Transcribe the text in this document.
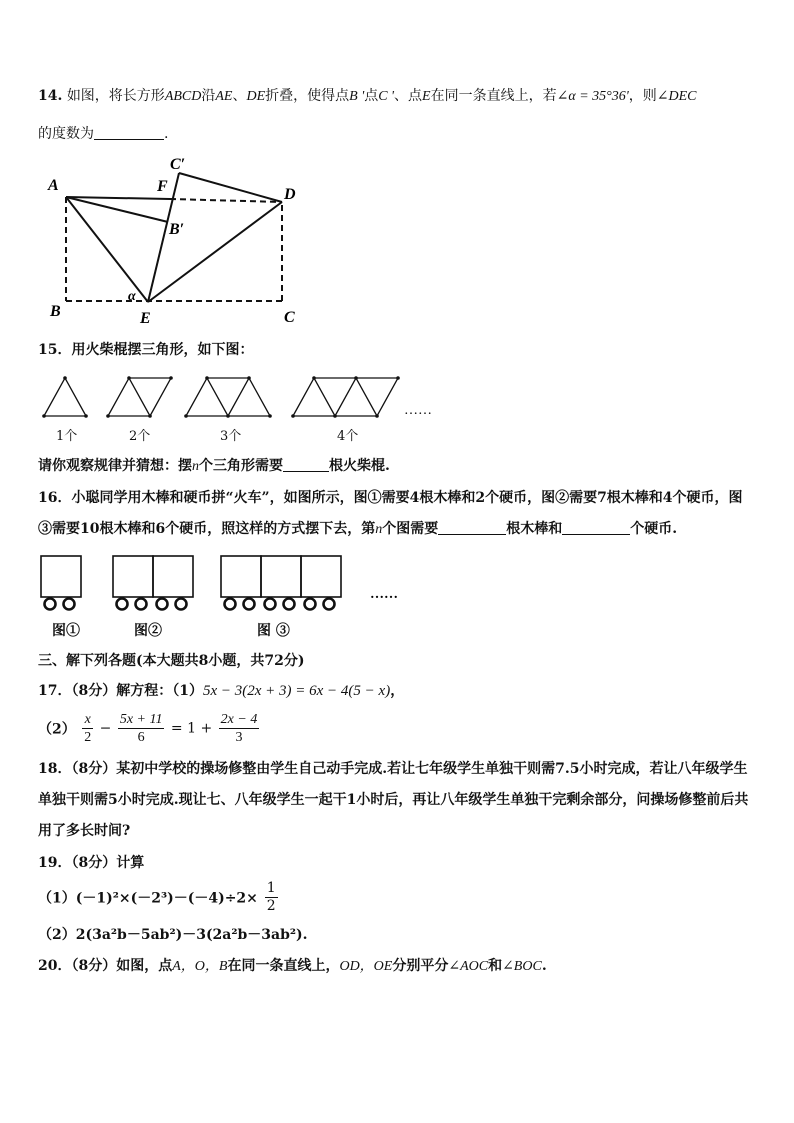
14. 如图，将长方形ABCD沿AE、DE折叠，使得点B '点C '、点E在同一条直线上，若∠α = 35°36'，则∠DEC
的度数为	.
A
B	C
D
E
F
B′
C′
α
15．用火柴棍摆三角形，如下图：
……
1个	2个	3个	4个
请你观察规律并猜想：摆n个三角形需要	根火柴棍.
16．小聪同学用木棒和硬币拼“火车”，如图所示，图①需要4根木棒和2个硬币，图②需要7根木棒和4个硬币，图
③需要10根木棒和6个硬币，照这样的方式摆下去，第n个图需要	根木棒和	个硬币.
……
图①	图②	图 ③
三、解下列各题(本大题共8小题，共72分)
17．（8分）解方程：（1）5x − 3(2x + 3) = 6x − 4(5 − x)，
$(2) \frac{x}{2} - \frac{5x + 11}{6} = 1 + \frac{2x - 4}{3}$
18．（8分）某初中学校的操场修整由学生自己动手完成.若让七年级学生单独干则需7.5小时完成，若让八年级学生
单独干则需5小时完成.现让七、八年级学生一起干1小时后，再让八年级学生单独干完剩余部分，问操场修整前后共
用了多长时间?
19．（8分）计算
$(1)(-1)^2\times(-2^3)-(-4)\div 2\times \frac{1}{2}$
（2）2(3a²b－5ab²)－3(2a²b－3ab²).
20．（8分）如图，点A，O，B在同一条直线上，OD，OE分别平分∠AOC和∠BOC.
